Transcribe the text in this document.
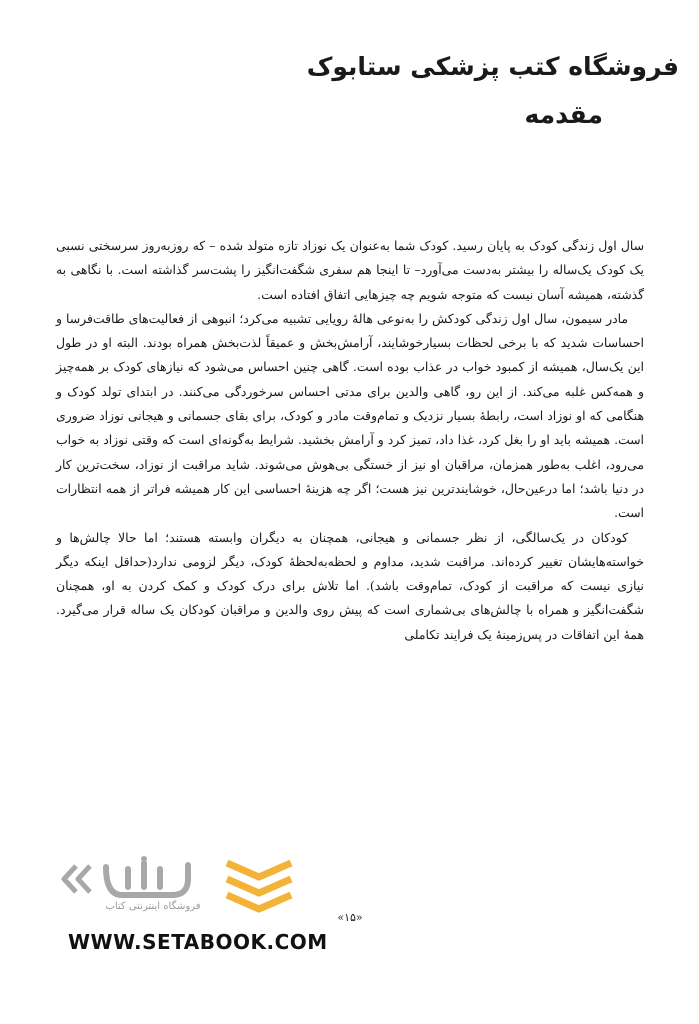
فروشگاه کتب پزشکی ستابوک
مقدمه

سال اول زندگی کودک به پایان رسید. کودک شما به‌عنوان یک نوزاد تازه متولد شده – که روزبه‌روز سرسختی نسبی یک کودک یک‌ساله را بیشتر به‌دست می‌آورد– تا اینجا هم سفری شگفت‌انگیز را پشت‌سر گذاشته است. با نگاهی به گذشته، همیشه آسان نیست که متوجه شویم چه چیزهایی اتفاق افتاده است.

مادر سیمون، سال اول زندگی کودکش را به‌نوعی هالهٔ رویایی تشبیه می‌کرد؛ انبوهی از فعالیت‌های طاقت‌فرسا و احساسات شدید که با برخی لحظات بسیارخوشایند، آرامش‌بخش و عمیقاً لذت‌بخش همراه بودند. البته او در طول این یک‌سال، همیشه از کمبود خواب در عذاب بوده است. گاهی چنین احساس می‌شود که نیازهای کودک بر همه‌چیز و همه‌کس غلبه می‌کند. از این رو، گاهی والدین برای مدتی احساس سرخوردگی می‌کنند. در ابتدای تولد کودک و هنگامی که او نوزاد است، رابطهٔ بسیار نزدیک و تمام‌وقت مادر و کودک، برای بقای جسمانی و هیجانی نوزاد ضروری است. همیشه باید او را بغل کرد، غذا داد، تمیز کرد و آرامش بخشید. شرایط به‌گونه‌ای است که وقتی نوزاد به خواب می‌رود، اغلب به‌طور همزمان، مراقبان او نیز از خستگی بی‌هوش می‌شوند. شاید مراقبت از نوزاد، سخت‌ترین کار در دنیا باشد؛ اما درعین‌حال، خوشایندترین نیز هست؛ اگر چه هزینهٔ احساسی این کار همیشه فراتر از همه انتظارات است.

کودکان در یک‌سالگی، از نظر جسمانی و هیجانی، همچنان به دیگران وابسته هستند؛ اما حالا چالش‌ها و خواسته‌هایشان تغییر کرده‌اند. مراقبت شدید، مداوم و لحظه‌به‌لحظهٔ کودک، دیگر لزومی ندارد(حداقل اینکه دیگر نیازی نیست که مراقبت از کودک، تمام‌وقت باشد). اما تلاش برای درک کودک و کمک کردن به او، همچنان شگفت‌انگیز و همراه با چالش‌های بی‌شماری است که پیش روی والدین و مراقبان کودکان یک ساله قرار می‌گیرد. همهٔ این اتفاقات در پس‌زمینهٔ یک فرایند تکاملی

«۱۵»
فروشگاه اینترنتی کتاب
WWW.SETABOOK.COM
